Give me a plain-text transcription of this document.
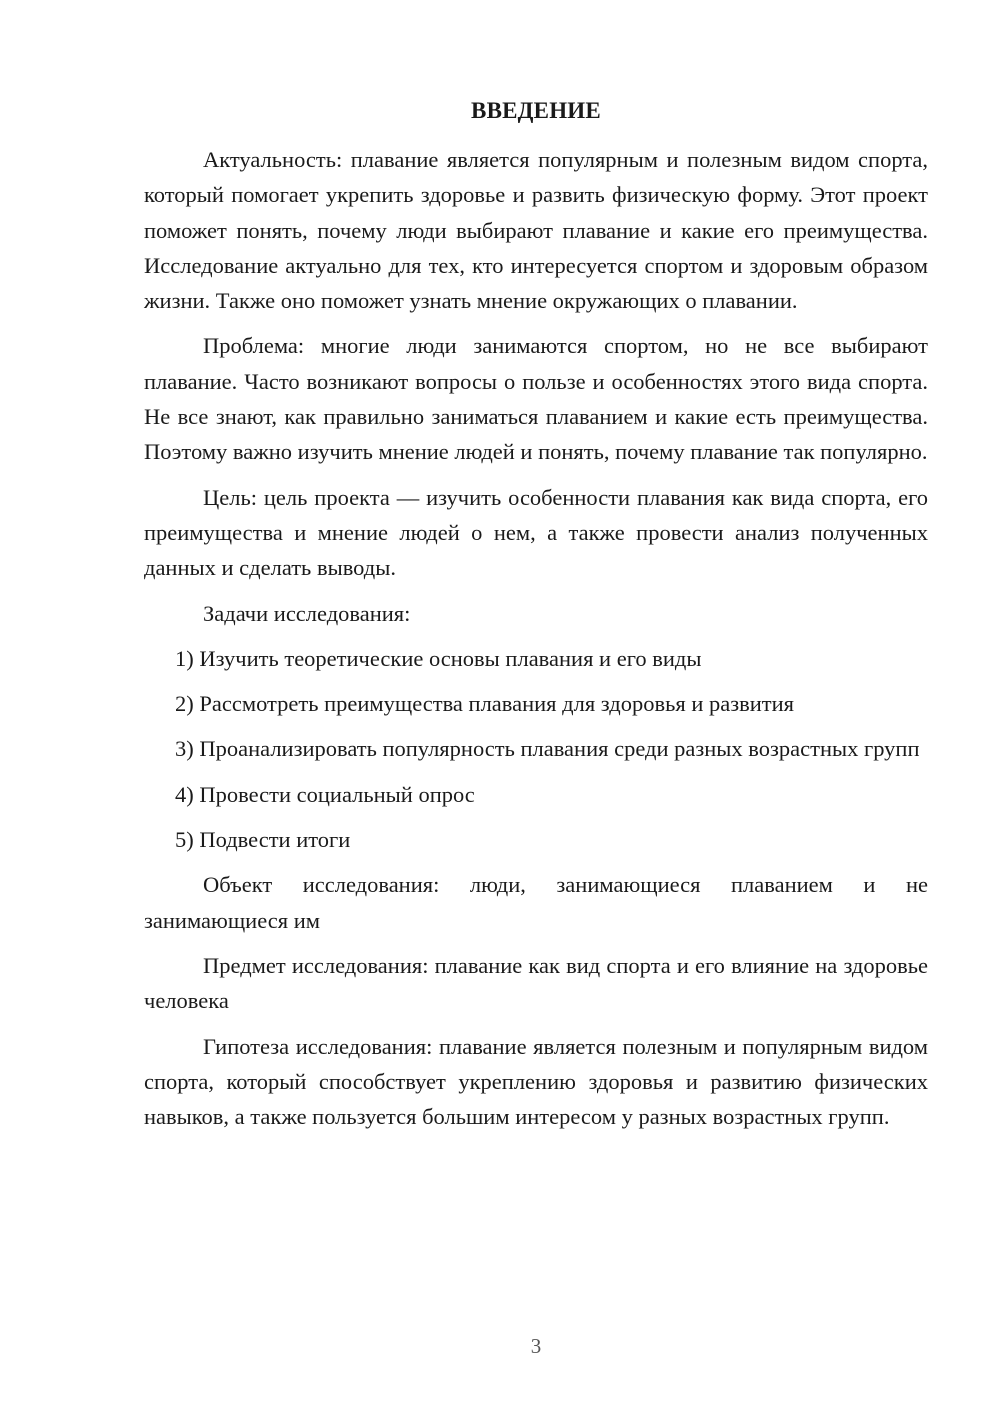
ВВЕДЕНИЕ

Актуальность: плавание является популярным и полезным видом спорта, который помогает укрепить здоровье и развить физическую форму. Этот проект поможет понять, почему люди выбирают плавание и какие его преимущества. Исследование актуально для тех, кто интересуется спортом и здоровым образом жизни. Также оно поможет узнать мнение окружающих о плавании.

Проблема: многие люди занимаются спортом, но не все выбирают плавание. Часто возникают вопросы о пользе и особенностях этого вида спорта. Не все знают, как правильно заниматься плаванием и какие есть преимущества. Поэтому важно изучить мнение людей и понять, почему плавание так популярно.

Цель: цель проекта — изучить особенности плавания как вида спорта, его преимущества и мнение людей о нем, а также провести анализ полученных данных и сделать выводы.

Задачи исследования:

1) Изучить теоретические основы плавания и его виды

2) Рассмотреть преимущества плавания для здоровья и развития

3) Проанализировать популярность плавания среди разных возрастных групп

4) Провести социальный опрос

5) Подвести итоги

Объект исследования: люди, занимающиеся плаванием и не занимающиеся им

Предмет исследования: плавание как вид спорта и его влияние на здоровье человека

Гипотеза исследования: плавание является полезным и популярным видом спорта, который способствует укреплению здоровья и развитию физических навыков, а также пользуется большим интересом у разных возрастных групп.

3
